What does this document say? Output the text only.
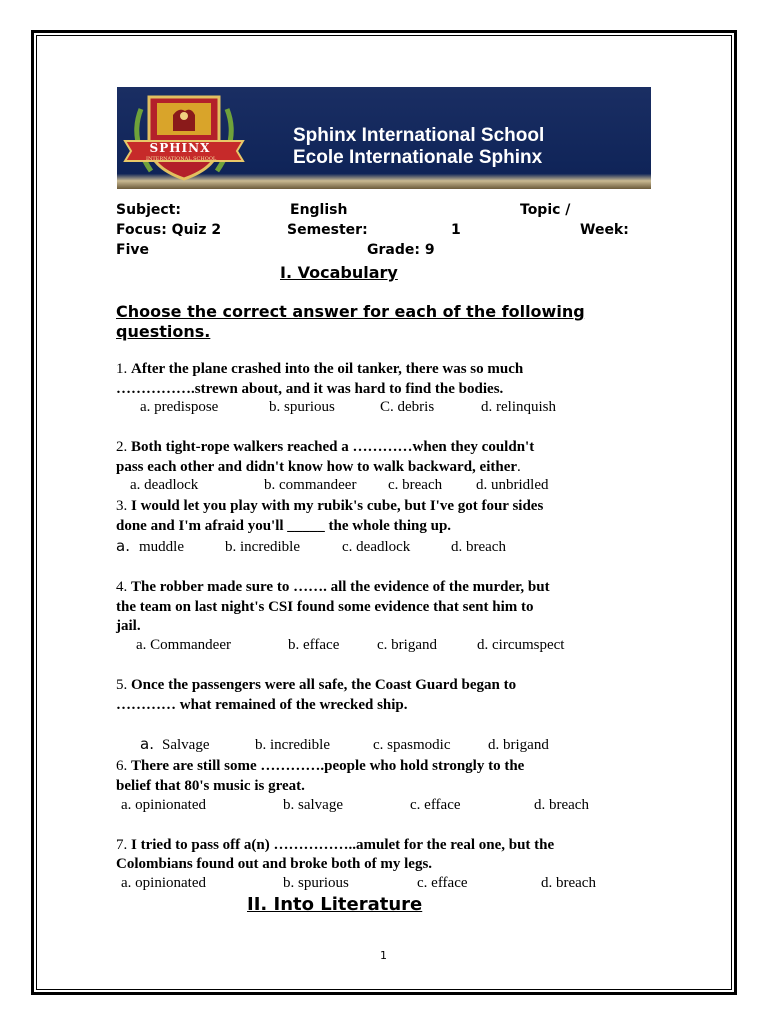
SPHINX
INTERNATIONAL SCHOOL
Sphinx International School
Ecole Internationale Sphinx
Subject:	English	Topic /
Focus: Quiz 2	Semester:	1	Week:
Five	Grade: 9
I. Vocabulary
Choose the correct answer for each of the following
questions.
1. After the plane crashed into the oil tanker, there was so much
…………….strewn about, and it was hard to find the bodies.
a. predispose	b. spurious	C. debris	d. relinquish
2. Both tight-rope walkers reached a …………when they couldn't
pass each other and didn't know how to walk backward, either.
a. deadlock	b. commandeer c. breach d. unbridled
3. I would let you play with my rubik's cube, but I've got four sides
done and I'm afraid you'll _____ the whole thing up.
a. muddle	b. incredible	c. deadlock	d. breach
4. The robber made sure to ……. all the evidence of the murder, but
the team on last night's CSI found some evidence that sent him to
jail.
a. Commandeer	b. efface	c. brigand	d. circumspect
5. Once the passengers were all safe, the Coast Guard began to
………… what remained of the wrecked ship.
a. Salvage	b. incredible	c. spasmodic	d. brigand
6. There are still some ………….people who hold strongly to the
belief that 80's music is great.
a. opinionated	b. salvage	c. efface	d. breach
7. I tried to pass off a(n) ……………..amulet for the real one, but the
Colombians found out and broke both of my legs.
a. opinionated	b. spurious	c. efface	d. breach
II. Into Literature
1
